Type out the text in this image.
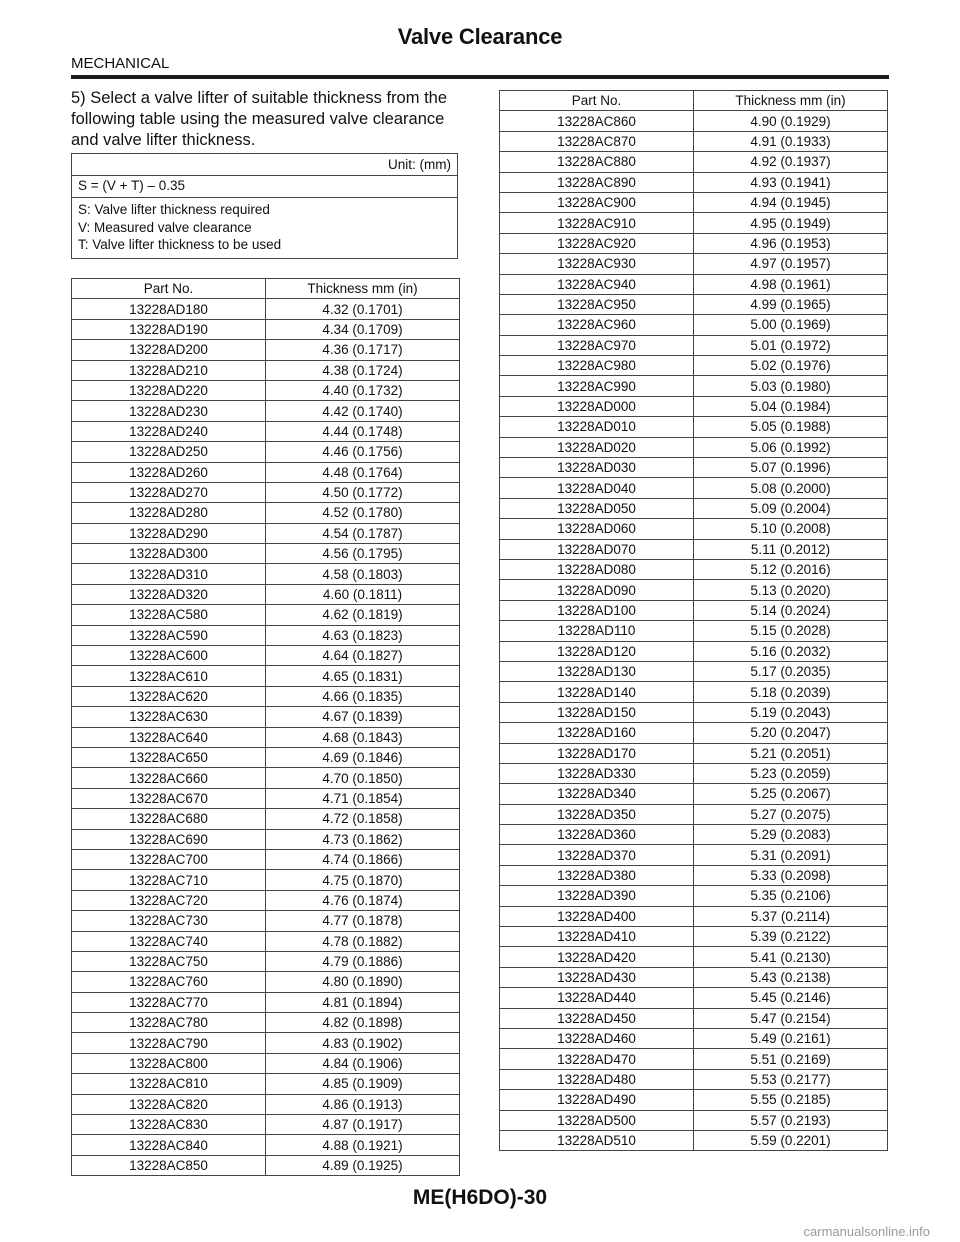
Valve Clearance
MECHANICAL
5) Select a valve lifter of suitable thickness from the following table using the measured valve clearance and valve lifter thickness.
Unit: (mm)
S = (V + T) – 0.35

S: Valve lifter thickness required
V: Measured valve clearance
T: Valve lifter thickness to be used
Part No.	Thickness mm (in)
13228AD180	4.32 (0.1701)
13228AD190	4.34 (0.1709)
13228AD200	4.36 (0.1717)
13228AD210	4.38 (0.1724)
13228AD220	4.40 (0.1732)
13228AD230	4.42 (0.1740)
13228AD240	4.44 (0.1748)
13228AD250	4.46 (0.1756)
13228AD260	4.48 (0.1764)
13228AD270	4.50 (0.1772)
13228AD280	4.52 (0.1780)
13228AD290	4.54 (0.1787)
13228AD300	4.56 (0.1795)
13228AD310	4.58 (0.1803)
13228AD320	4.60 (0.1811)
13228AC580	4.62 (0.1819)
13228AC590	4.63 (0.1823)
13228AC600	4.64 (0.1827)
13228AC610	4.65 (0.1831)
13228AC620	4.66 (0.1835)
13228AC630	4.67 (0.1839)
13228AC640	4.68 (0.1843)
13228AC650	4.69 (0.1846)
13228AC660	4.70 (0.1850)
13228AC670	4.71 (0.1854)
13228AC680	4.72 (0.1858)
13228AC690	4.73 (0.1862)
13228AC700	4.74 (0.1866)
13228AC710	4.75 (0.1870)
13228AC720	4.76 (0.1874)
13228AC730	4.77 (0.1878)
13228AC740	4.78 (0.1882)
13228AC750	4.79 (0.1886)
13228AC760	4.80 (0.1890)
13228AC770	4.81 (0.1894)
13228AC780	4.82 (0.1898)
13228AC790	4.83 (0.1902)
13228AC800	4.84 (0.1906)
13228AC810	4.85 (0.1909)
13228AC820	4.86 (0.1913)
13228AC830	4.87 (0.1917)
13228AC840	4.88 (0.1921)
13228AC850	4.89 (0.1925)
Part No.	Thickness mm (in)
13228AC860	4.90 (0.1929)
13228AC870	4.91 (0.1933)
13228AC880	4.92 (0.1937)
13228AC890	4.93 (0.1941)
13228AC900	4.94 (0.1945)
13228AC910	4.95 (0.1949)
13228AC920	4.96 (0.1953)
13228AC930	4.97 (0.1957)
13228AC940	4.98 (0.1961)
13228AC950	4.99 (0.1965)
13228AC960	5.00 (0.1969)
13228AC970	5.01 (0.1972)
13228AC980	5.02 (0.1976)
13228AC990	5.03 (0.1980)
13228AD000	5.04 (0.1984)
13228AD010	5.05 (0.1988)
13228AD020	5.06 (0.1992)
13228AD030	5.07 (0.1996)
13228AD040	5.08 (0.2000)
13228AD050	5.09 (0.2004)
13228AD060	5.10 (0.2008)
13228AD070	5.11 (0.2012)
13228AD080	5.12 (0.2016)
13228AD090	5.13 (0.2020)
13228AD100	5.14 (0.2024)
13228AD110	5.15 (0.2028)
13228AD120	5.16 (0.2032)
13228AD130	5.17 (0.2035)
13228AD140	5.18 (0.2039)
13228AD150	5.19 (0.2043)
13228AD160	5.20 (0.2047)
13228AD170	5.21 (0.2051)
13228AD330	5.23 (0.2059)
13228AD340	5.25 (0.2067)
13228AD350	5.27 (0.2075)
13228AD360	5.29 (0.2083)
13228AD370	5.31 (0.2091)
13228AD380	5.33 (0.2098)
13228AD390	5.35 (0.2106)
13228AD400	5.37 (0.2114)
13228AD410	5.39 (0.2122)
13228AD420	5.41 (0.2130)
13228AD430	5.43 (0.2138)
13228AD440	5.45 (0.2146)
13228AD450	5.47 (0.2154)
13228AD460	5.49 (0.2161)
13228AD470	5.51 (0.2169)
13228AD480	5.53 (0.2177)
13228AD490	5.55 (0.2185)
13228AD500	5.57 (0.2193)
13228AD510	5.59 (0.2201)
ME(H6DO)-30
carmanualsonline.info
